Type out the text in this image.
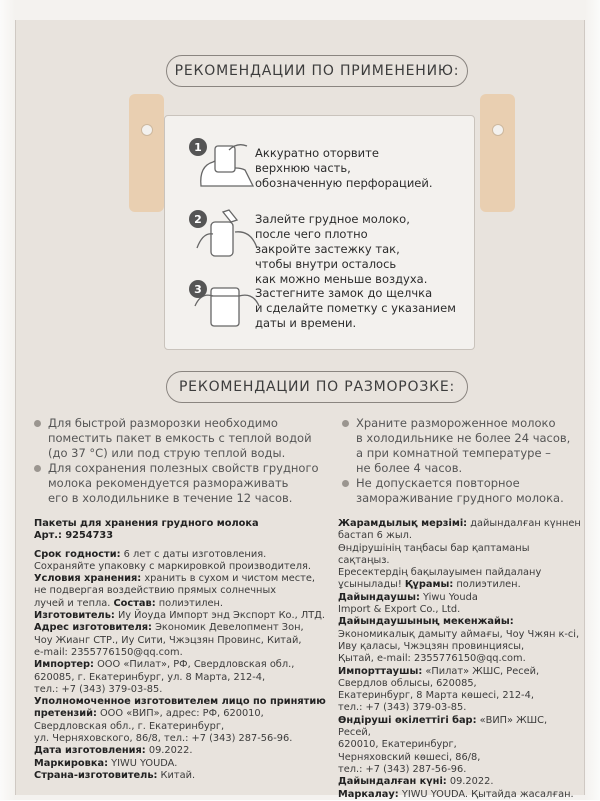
РЕКОМЕНДАЦИИ ПО ПРИМЕНЕНИЮ:
1	Аккуратно оторвите
верхнюю часть,
обозначенную перфорацией.
2	Залейте грудное молоко,
после чего плотно
закройте застежку так,
чтобы внутри осталось
как можно меньше воздуха.
3	Застегните замок до щелчка
и сделайте пометку с указанием
даты и времени.
РЕКОМЕНДАЦИИ ПО РАЗМОРОЗКЕ:
Для быстрой разморозки необходимо
поместить пакет в емкость с теплой водой
(до 37 °С) или под струю теплой воды.
Для сохранения полезных свойств грудного
молока рекомендуется размораживать
его в холодильнике в течение 12 часов.
Храните размороженное молоко
в холодильнике не более 24 часов,
а при комнатной температуре –
не более 4 часов.
Не допускается повторное
замораживание грудного молока.
Пакеты для хранения грудного молока
Арт.: 9254733
Срок годности: 6 лет с даты изготовления.
Сохраняйте упаковку с маркировкой производителя.
Условия хранения: хранить в сухом и чистом месте,
не подвергая воздействию прямых солнечных
лучей и тепла. Состав: полиэтилен.
Изготовитель: Иу Йоуда Импорт энд Экспорт Ко., ЛТД.
Адрес изготовителя: Экономик Девелопмент Зон,
Чоу Жианг СТР., Иу Сити, Чжэцзян Провинс, Китай,
e-mail: 2355776150@qq.com.
Импортер: ООО «Пилат», РФ, Свердловская обл.,
620085, г. Екатеринбург, ул. 8 Марта, 212-4,
тел.: +7 (343) 379-03-85.
Уполномоченное изготовителем лицо по принятию
претензий: ООО «ВИП», адрес: РФ, 620010,
Свердловская обл., г. Екатеринбург,
ул. Черняховского, 86/8, тел.: +7 (343) 287-56-96.
Дата изготовления: 09.2022.
Маркировка: YIWU YOUDA.
Страна-изготовитель: Китай.
Жарамдылық мерзімі: дайындалған күннен
бастап 6 жыл.
Өндірушінің таңбасы бар қаптаманы сақтаңыз.
Ересектердің бақылауымен пайдалану
ұсынылады! Құрамы: полиэтилен.
Дайындаушы: Yiwu Youda
Import & Export Co., Ltd.
Дайындаушының мекенжайы:
Экономикалық дамыту аймағы, Чоу Чжян к-сі,
Иву қаласы, Чжэцзян провинциясы,
Қытай, e-mail: 2355776150@qq.com.
Импорттаушы: «Пилат» ЖШС, Ресей,
Свердлов облысы, 620085,
Екатеринбург, 8 Марта көшесі, 212-4,
тел.: +7 (343) 379-03-85.
Өндіруші өкілеттігі бар: «ВИП» ЖШС, Ресей,
620010, Екатеринбург,
Черняховский көшесі, 86/8,
тел.: +7 (343) 287-56-96.
Дайындалған күні: 09.2022.
Маркалау: YIWU YOUDA. Қытайда жасалған.
